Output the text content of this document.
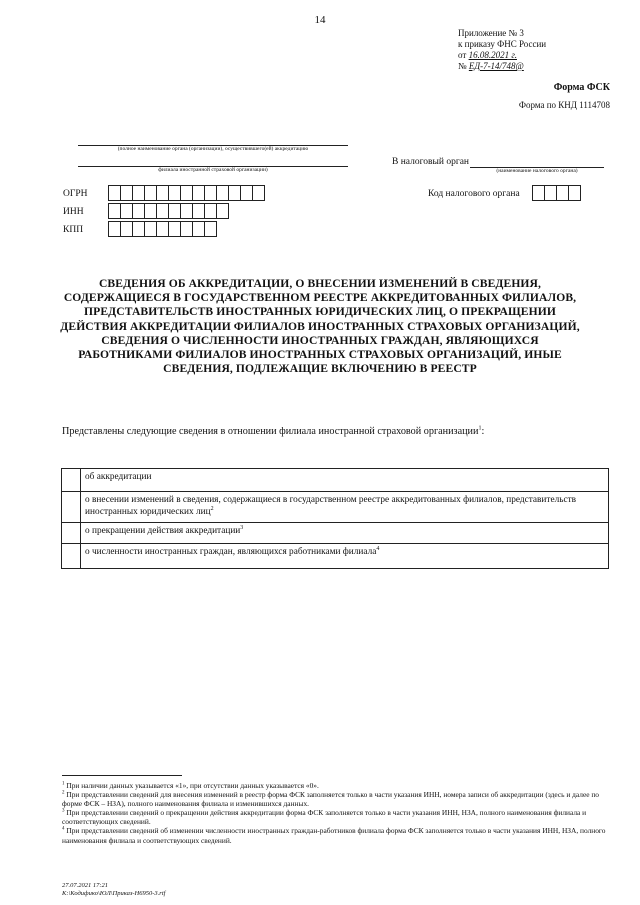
14
Приложение № 3
к приказу ФНС России
от 16.08.2021 г.
№ ЕД-7-14/748@
Форма ФСК
Форма по КНД 1114708
(полное наименование органа (организации), осуществившего(ей) аккредитацию
филиала иностранной страховой организации)
В налоговый орган
(наименование налогового органа)
Код налогового органа
ОГРН
ИНН
КПП
СВЕДЕНИЯ ОБ АККРЕДИТАЦИИ, О ВНЕСЕНИИ ИЗМЕНЕНИЙ В СВЕДЕНИЯ, СОДЕРЖАЩИЕСЯ В ГОСУДАРСТВЕННОМ РЕЕСТРЕ АККРЕДИТОВАННЫХ ФИЛИАЛОВ, ПРЕДСТАВИТЕЛЬСТВ ИНОСТРАННЫХ ЮРИДИЧЕСКИХ ЛИЦ, О ПРЕКРАЩЕНИИ ДЕЙСТВИЯ АККРЕДИТАЦИИ ФИЛИАЛОВ ИНОСТРАННЫХ СТРАХОВЫХ ОРГАНИЗАЦИЙ, СВЕДЕНИЯ О ЧИСЛЕННОСТИ ИНОСТРАННЫХ ГРАЖДАН, ЯВЛЯЮЩИХСЯ РАБОТНИКАМИ ФИЛИАЛОВ ИНОСТРАННЫХ СТРАХОВЫХ ОРГАНИЗАЦИЙ, ИНЫЕ СВЕДЕНИЯ, ПОДЛЕЖАЩИЕ ВКЛЮЧЕНИЮ В РЕЕСТР
Представлены следующие сведения в отношении филиала иностранной страховой организации$^1$:
	об аккредитации
	о внесении изменений в сведения, содержащиеся в государственном реестре аккредитованных филиалов, представительств иностранных юридических лиц$^2$
	о прекращении действия аккредитации$^3$
	о численности иностранных граждан, являющихся работниками филиала$^4$

$^1$ При наличии данных указывается «1», при отсутствии данных указывается «0».

$^2$ При представлении сведений для внесения изменений в реестр форма ФСК заполняется только в части указания ИНН, номера записи об аккредитации (здесь и далее по форме ФСК – НЗА), полного наименования филиала и изменившихся данных.

$^3$ При представлении сведений о прекращении действия аккредитации форма ФСК заполняется только в части указания ИНН, НЗА, полного наименования филиала и соответствующих сведений.

$^4$ При представлении сведений об изменении численности иностранных граждан-работников филиала форма ФСК заполняется только в части указания ИНН, НЗА, полного наименования филиала и соответствующих сведений.

27.07.2021 17:21
К:\Кодифико\ЮЛ\Приказ-Н6950-3.rtf
